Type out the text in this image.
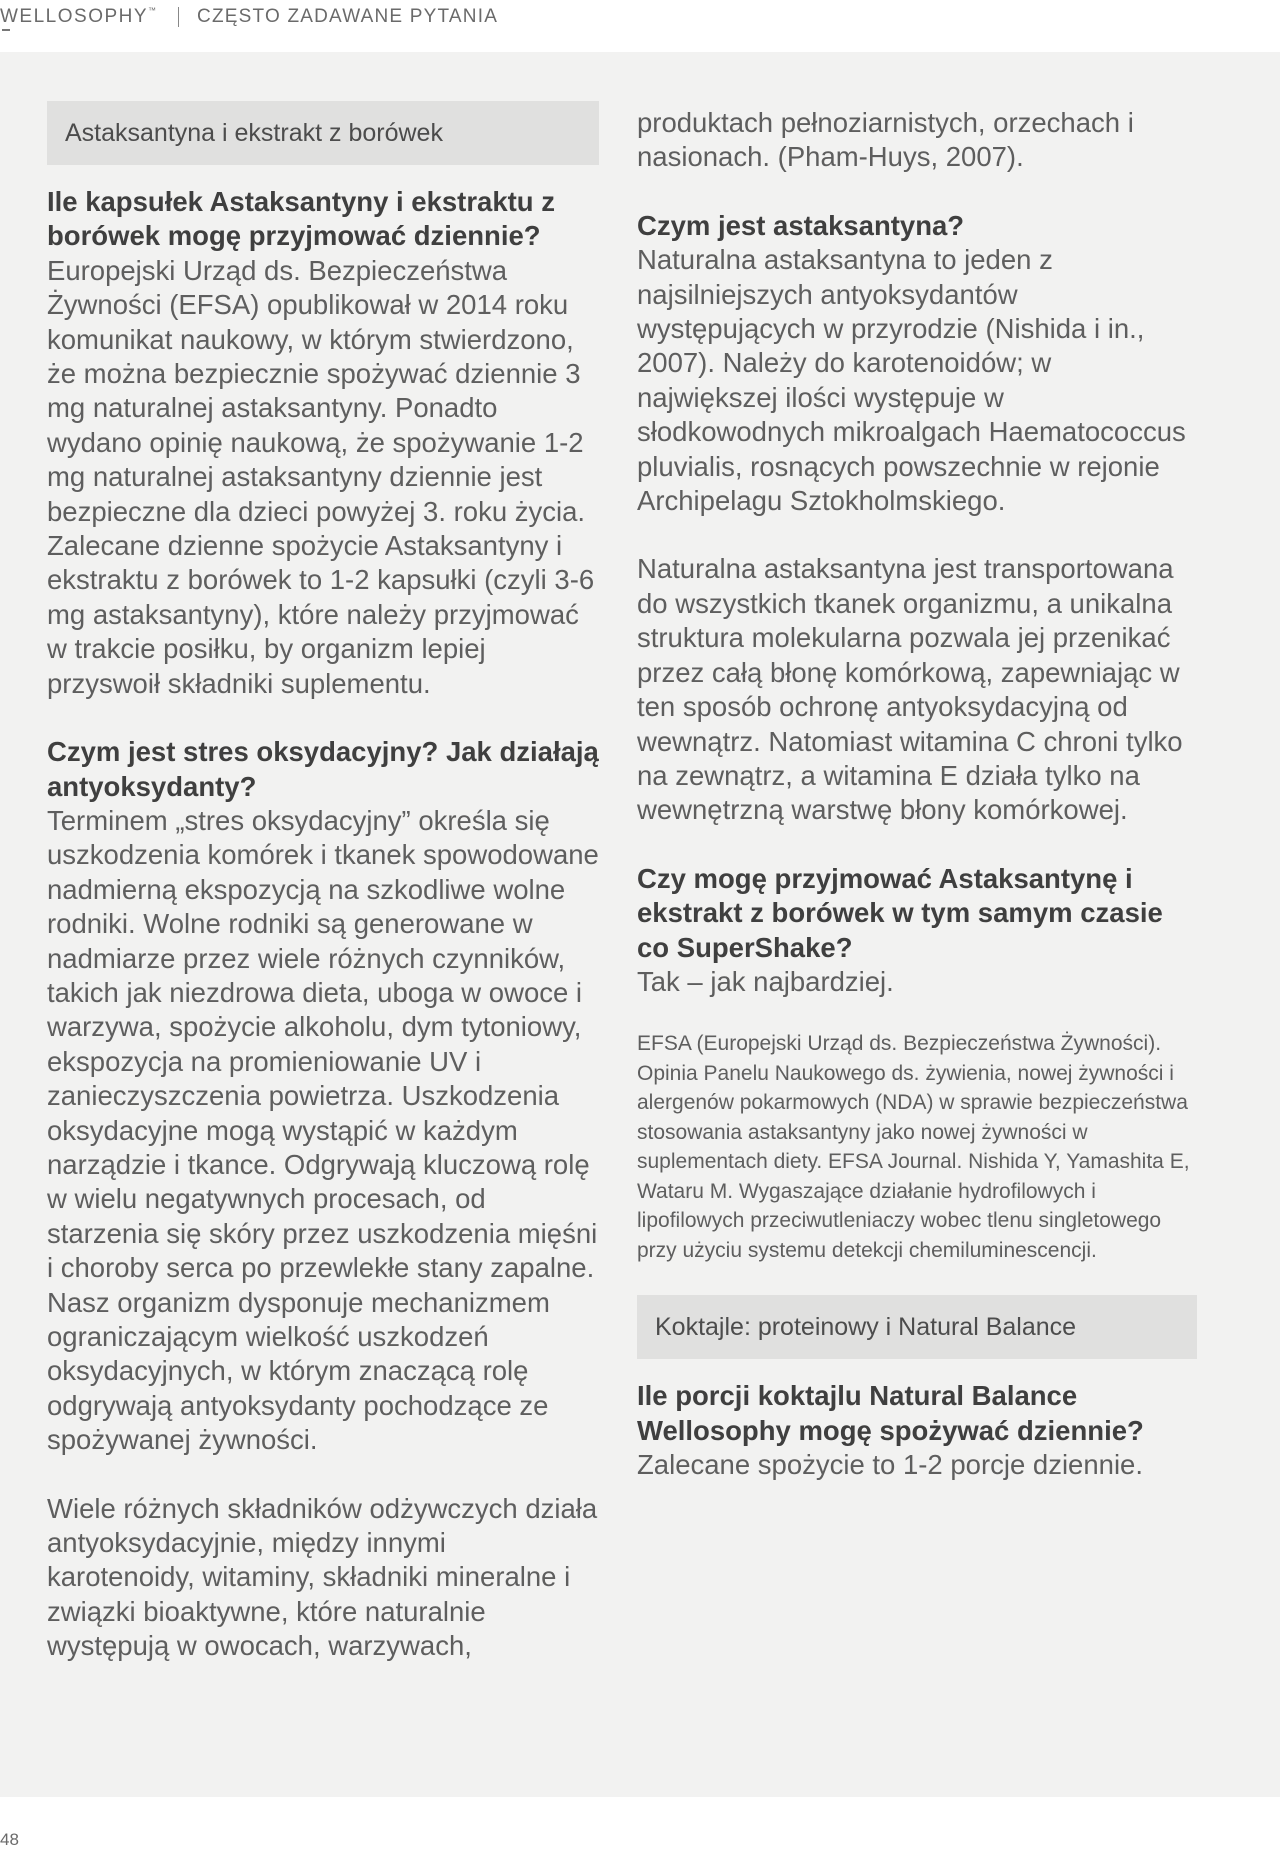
WELLOSOPHY™ CZĘSTO ZADAWANE PYTANIA
Astaksantyna i ekstrakt z borówek

Ile kapsułek Astaksantyny i ekstraktu z borówek mogę przyjmować dziennie?

Europejski Urząd ds. Bezpieczeństwa Żywności (EFSA) opublikował w 2014 roku komunikat naukowy, w którym stwierdzono, że można bezpiecznie spożywać dziennie 3 mg naturalnej astaksantyny. Ponadto wydano opinię naukową, że spożywanie 1-2 mg naturalnej astaksantyny dziennie jest bezpieczne dla dzieci powyżej 3. roku życia. Zalecane dzienne spożycie Astaksantyny i ekstraktu z borówek to 1-2 kapsułki (czyli 3-6 mg astaksantyny), które należy przyjmować w trakcie posiłku, by organizm lepiej przyswoił składniki suplementu.

Czym jest stres oksydacyjny? Jak działają antyoksydanty?

Terminem „stres oksydacyjny” określa się uszkodzenia komórek i tkanek spowodowane nadmierną ekspozycją na szkodliwe wolne rodniki. Wolne rodniki są generowane w nadmiarze przez wiele różnych czynników, takich jak niezdrowa dieta, uboga w owoce i warzywa, spożycie alkoholu, dym tytoniowy, ekspozycja na promieniowanie UV i zanieczyszczenia powietrza. Uszkodzenia oksydacyjne mogą wystąpić w każdym narządzie i tkance. Odgrywają kluczową rolę w wielu negatywnych procesach, od starzenia się skóry przez uszkodzenia mięśni i choroby serca po przewlekłe stany zapalne. Nasz organizm dysponuje mechanizmem ograniczającym wielkość uszkodzeń oksydacyjnych, w którym znaczącą rolę odgrywają antyoksydanty pochodzące ze spożywanej żywności.

Wiele różnych składników odżywczych działa antyoksydacyjnie, między innymi karotenoidy, witaminy, składniki mineralne i związki bioaktywne, które naturalnie występują w owocach, warzywach,

produktach pełnoziarnistych, orzechach i nasionach. (Pham-Huys, 2007).

Czym jest astaksantyna?

Naturalna astaksantyna to jeden z najsilniejszych antyoksydantów występujących w przyrodzie (Nishida i in., 2007). Należy do karotenoidów; w największej ilości występuje w słodkowodnych mikroalgach Haematococcus pluvialis, rosnących powszechnie w rejonie Archipelagu Sztokholmskiego.

Naturalna astaksantyna jest transportowana do wszystkich tkanek organizmu, a unikalna struktura molekularna pozwala jej przenikać przez całą błonę komórkową, zapewniając w ten sposób ochronę antyoksydacyjną od wewnątrz. Natomiast witamina C chroni tylko na zewnątrz, a witamina E działa tylko na wewnętrzną warstwę błony komórkowej.

Czy mogę przyjmować Astaksantynę i ekstrakt z borówek w tym samym czasie co SuperShake?

Tak – jak najbardziej.

EFSA (Europejski Urząd ds. Bezpieczeństwa Żywności). Opinia Panelu Naukowego ds. żywienia, nowej żywności i alergenów pokarmowych (NDA) w sprawie bezpieczeństwa stosowania astaksantyny jako nowej żywności w suplementach diety. EFSA Journal. Nishida Y, Yamashita E, Wataru M. Wygaszające działanie hydrofilowych i lipofilowych przeciwutleniaczy wobec tlenu singletowego przy użyciu systemu detekcji chemiluminescencji.

Koktajle: proteinowy i Natural Balance

Ile porcji koktajlu Natural Balance Wellosophy mogę spożywać dziennie?

Zalecane spożycie to 1-2 porcje dziennie.

48
